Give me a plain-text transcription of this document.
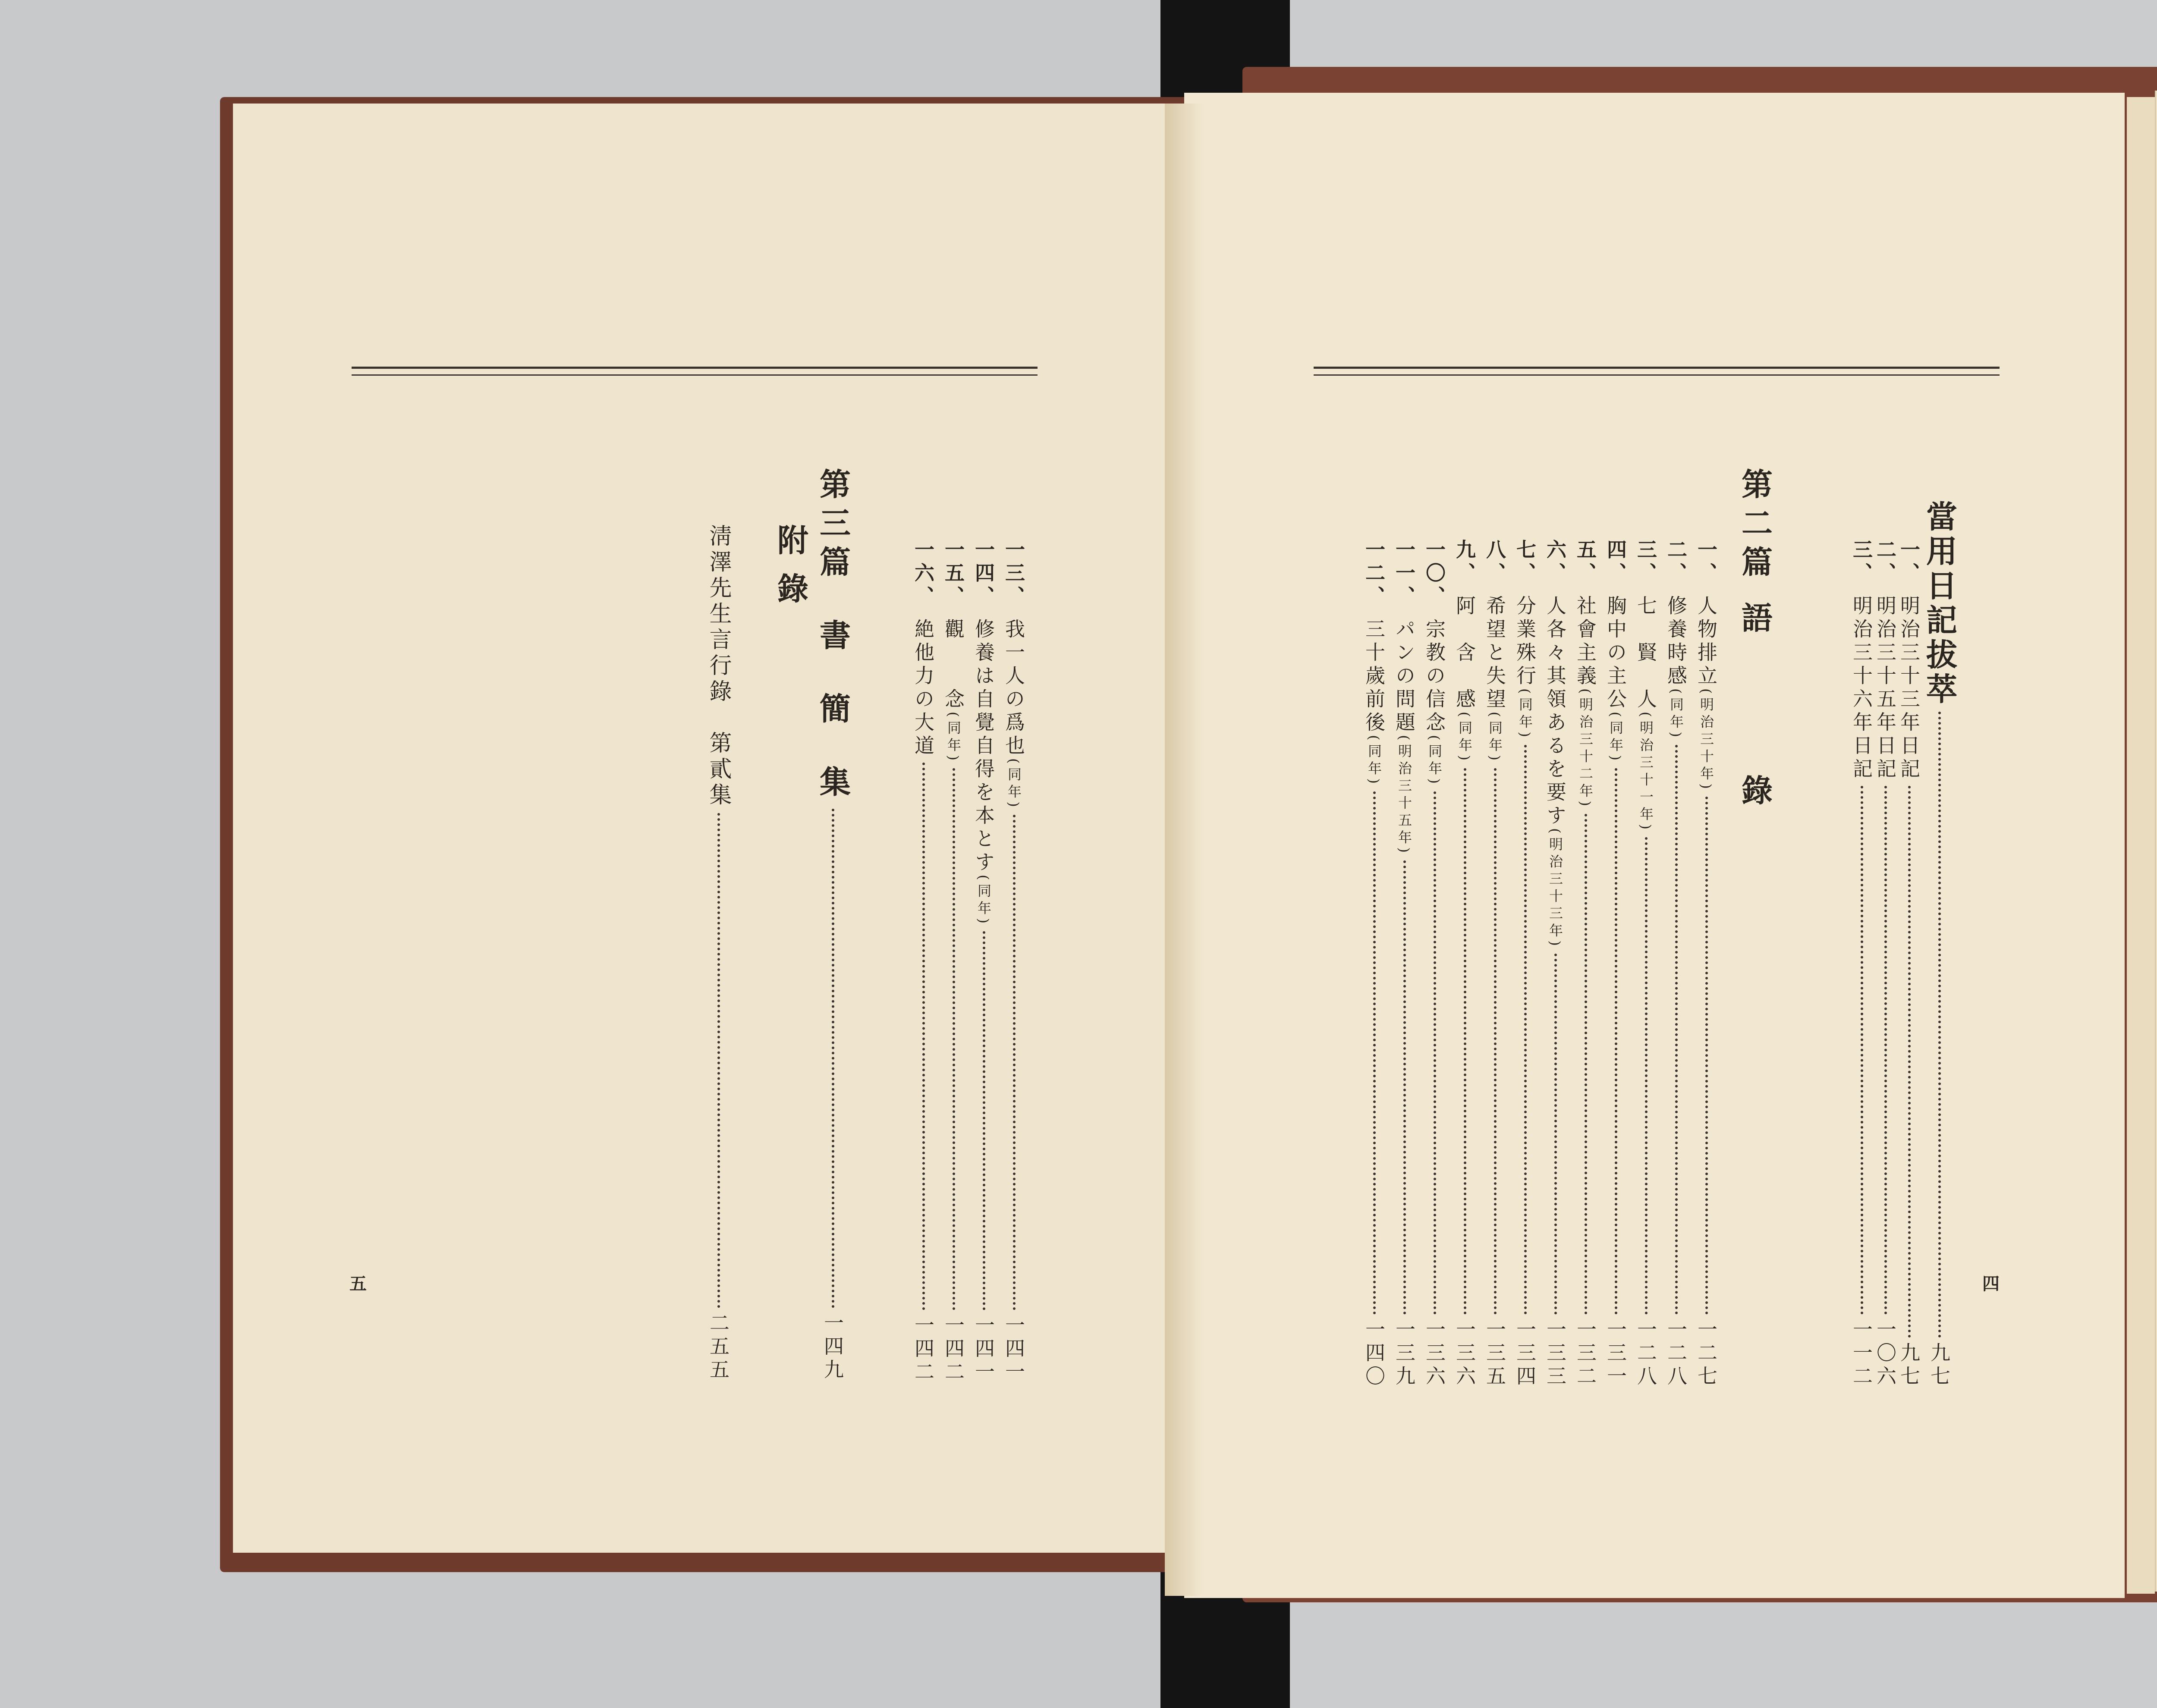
當用日記拔萃
九七
一、
明治三十三年日記
九七
二、
明治三十五年日記
一〇六
三、
明治三十六年日記
一一二
第二篇
語
錄
一、
人物排立
(明治三十年)
一二七
二、
修養時感
(同年)
一二八
三、
七　賢　人
(明治三十一年)
一二八
四、
胸中の主公
(同年)
一三一
五、
社會主義
(明治三十二年)
一三二
六、
人各々其領あるを要す
(明治三十三年)
一三三
七、
分業殊行
(同年)
一三四
八、
希望と失望
(同年)
一三五
九、
阿　含　感
(同年)
一三六
一〇、
宗教の信念
(同年)
一三六
一一、
パンの問題
(明治三十五年)
一三九
一二、
三十歲前後
(同年)
一四〇
四
第三篇
書
簡
集
一四九
一三、
我一人の爲也
(同年)
一四一
一四、
修養は自覺自得を本とす
(同年)
一四一
一五、
觀　　念
(同年)
一四二
一六、
絶他力の大道
一四二
附錄
淸澤先生言行錄　第貳集
二五五
五
